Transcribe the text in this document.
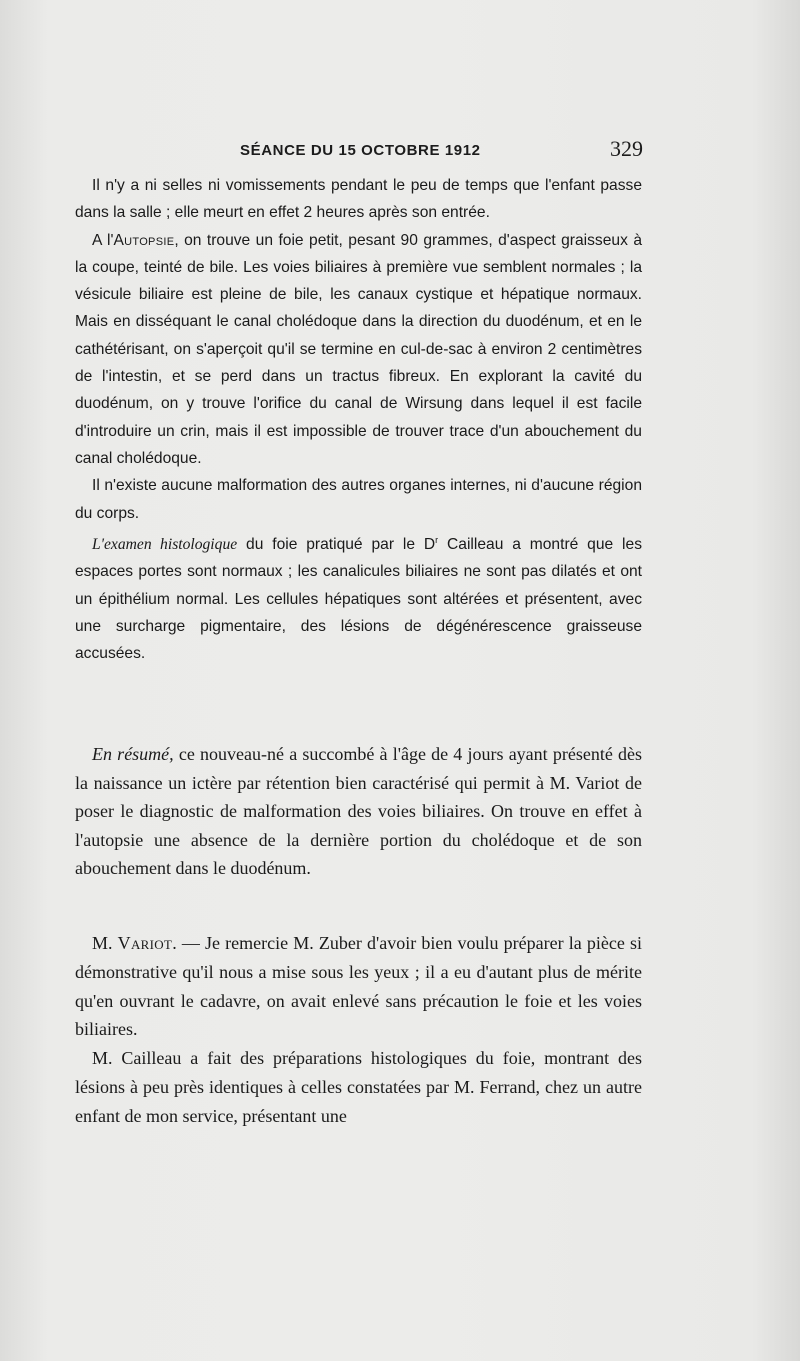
SÉANCE DU 15 OCTOBRE 1912	329

Il n'y a ni selles ni vomissements pendant le peu de temps que l'enfant passe dans la salle ; elle meurt en effet 2 heures après son entrée.

A l'Autopsie, on trouve un foie petit, pesant 90 grammes, d'aspect graisseux à la coupe, teinté de bile. Les voies biliaires à première vue semblent normales ; la vésicule biliaire est pleine de bile, les canaux cystique et hépatique normaux. Mais en disséquant le canal cholédoque dans la direction du duodénum, et en le cathétérisant, on s'aperçoit qu'il se termine en cul-de-sac à environ 2 centimètres de l'intestin, et se perd dans un tractus fibreux. En explorant la cavité du duodénum, on y trouve l'orifice du canal de Wirsung dans lequel il est facile d'introduire un crin, mais il est impossible de trouver trace d'un abouchement du canal cholédoque.

Il n'existe aucune malformation des autres organes internes, ni d'aucune région du corps.

L'examen histologique du foie pratiqué par le $D^r$ Cailleau a montré que les espaces portes sont normaux ; les canalicules biliaires ne sont pas dilatés et ont un épithélium normal. Les cellules hépatiques sont altérées et présentent, avec une surcharge pigmentaire, des lésions de dégénérescence graisseuse accusées.

En résumé, ce nouveau-né a succombé à l'âge de 4 jours ayant présenté dès la naissance un ictère par rétention bien caractérisé qui permit à M. Variot de poser le diagnostic de malformation des voies biliaires. On trouve en effet à l'autopsie une absence de la dernière portion du cholédoque et de son abouchement dans le duodénum.

M. Variot. — Je remercie M. Zuber d'avoir bien voulu préparer la pièce si démonstrative qu'il nous a mise sous les yeux ; il a eu d'autant plus de mérite qu'en ouvrant le cadavre, on avait enlevé sans précaution le foie et les voies biliaires.

M. Cailleau a fait des préparations histologiques du foie, montrant des lésions à peu près identiques à celles constatées par M. Ferrand, chez un autre enfant de mon service, présentant une
